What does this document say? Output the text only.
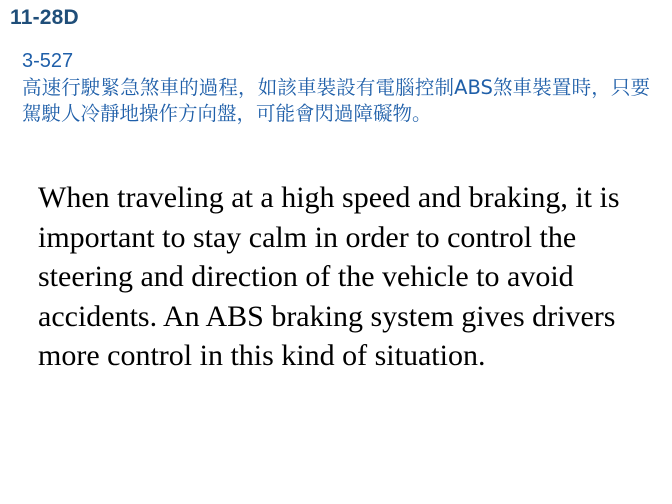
11-28D
3-527
高速行駛緊急煞車的過程，如該車裝設有電腦控制ABS煞車裝置時，只要駕駛人冷靜地操作方向盤，可能會閃過障礙物。
When traveling at a high speed and braking, it is important to stay calm in order to control the steering and direction of the vehicle to avoid accidents. An ABS braking system gives drivers more control in this kind of situation.
